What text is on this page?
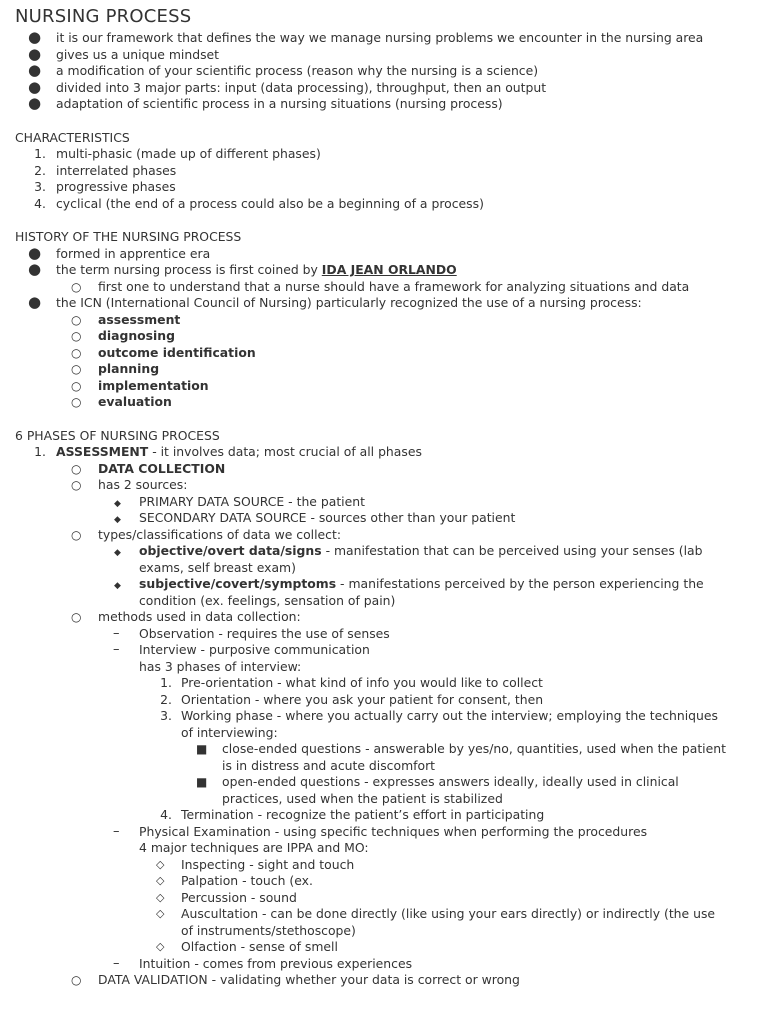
NURSING PROCESS
● it is our framework that defines the way we manage nursing problems we encounter in the nursing area
● gives us a unique mindset
● a modification of your scientific process (reason why the nursing is a science)
● divided into 3 major parts: input (data processing), throughput, then an output
● adaptation of scientific process in a nursing situations (nursing process)
CHARACTERISTICS
1. multi-phasic (made up of different phases)
2. interrelated phases
3. progressive phases
4. cyclical (the end of a process could also be a beginning of a process)
HISTORY OF THE NURSING PROCESS
● formed in apprentice era
● the term nursing process is first coined by IDA JEAN ORLANDO
○ first one to understand that a nurse should have a framework for analyzing situations and data
● the ICN (International Council of Nursing) particularly recognized the use of a nursing process:
○ assessment
○ diagnosing
○ outcome identification
○ planning
○ implementation
○ evaluation
6 PHASES OF NURSING PROCESS
1. ASSESSMENT - it involves data; most crucial of all phases
○ DATA COLLECTION
○ has 2 sources:
◆ PRIMARY DATA SOURCE - the patient
◆ SECONDARY DATA SOURCE - sources other than your patient
○ types/classifications of data we collect:
◆ objective/overt data/signs - manifestation that can be perceived using your senses (lab
exams, self breast exam)
◆ subjective/covert/symptoms - manifestations perceived by the person experiencing the
condition (ex. feelings, sensation of pain)
○ methods used in data collection:
– Observation - requires the use of senses
– Interview - purposive communication
has 3 phases of interview:
1. Pre-orientation - what kind of info you would like to collect
2. Orientation - where you ask your patient for consent, then
3. Working phase - where you actually carry out the interview; employing the techniques
of interviewing:
■ close-ended questions - answerable by yes/no, quantities, used when the patient
is in distress and acute discomfort
■ open-ended questions - expresses answers ideally, ideally used in clinical
practices, used when the patient is stabilized
4. Termination - recognize the patient’s effort in participating
– Physical Examination - using specific techniques when performing the procedures
4 major techniques are IPPA and MO:
◇ Inspecting - sight and touch
◇ Palpation - touch (ex.
◇ Percussion - sound
◇ Auscultation - can be done directly (like using your ears directly) or indirectly (the use
of instruments/stethoscope)
◇ Olfaction - sense of smell
– Intuition - comes from previous experiences
○ DATA VALIDATION - validating whether your data is correct or wrong
